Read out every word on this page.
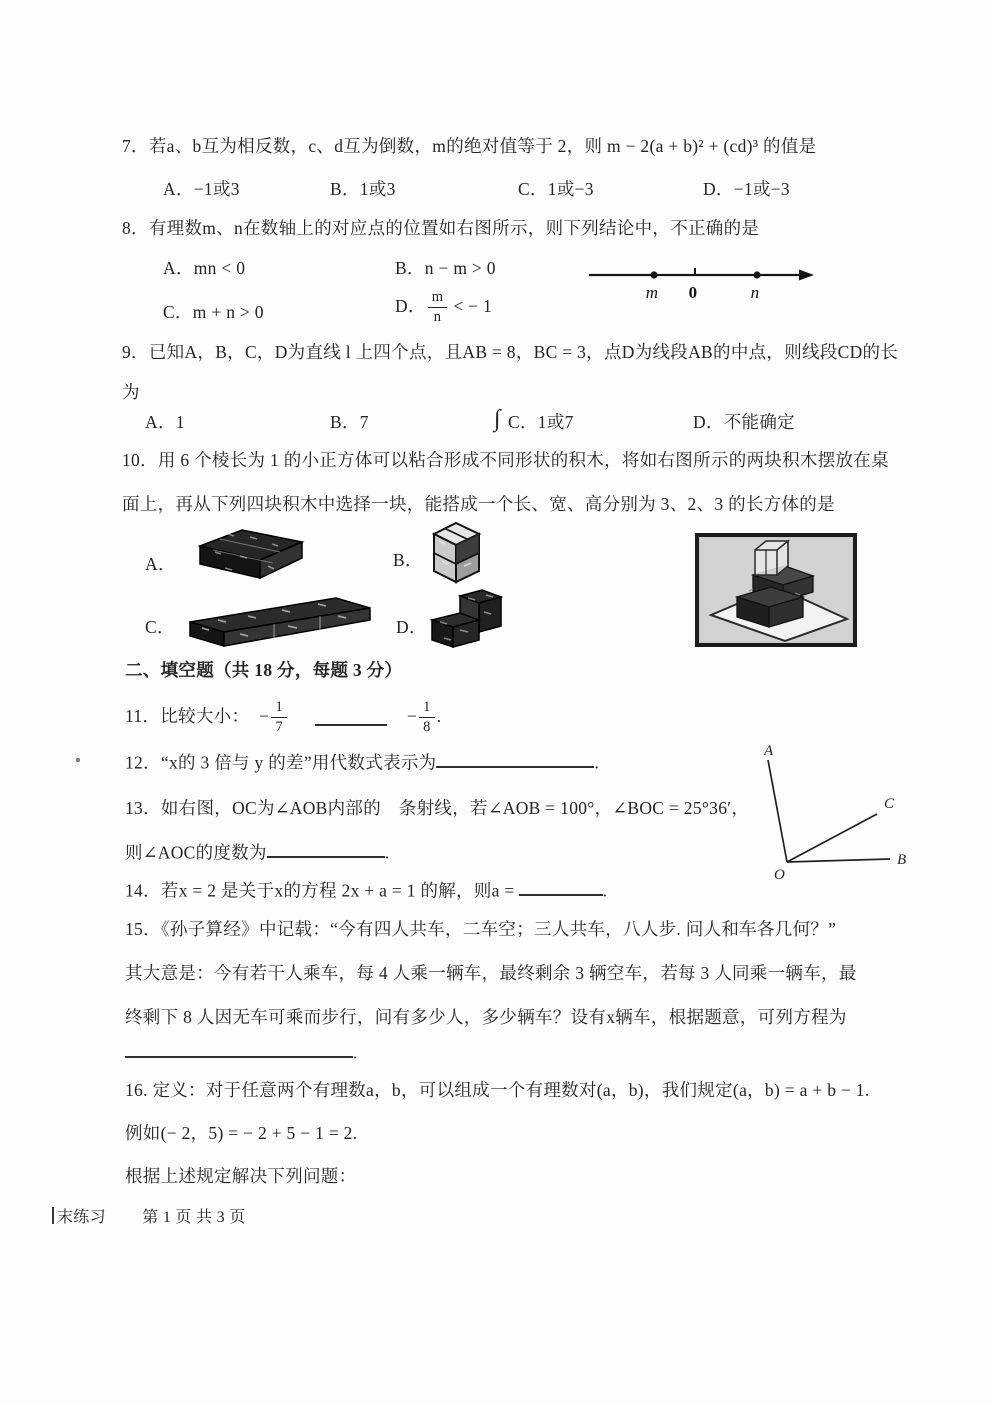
7．若a、b互为相反数，c、d互为倒数，m的绝对值等于 2，则 m − 2(a + b)² + (cd)³ 的值是
A．−1或3	B．1或3	C．1或−3	D．−1或−3
8．有理数m、n在数轴上的对应点的位置如右图所示，则下列结论中，不正确的是
A．mn < 0	B．n − m > 0
C．m + n > 0	D． $\frac{m}{n}$ < − 1
m 0	n
9．已知A，B，C，D为直线 l 上四个点，且AB = 8，BC = 3，点D为线段AB的中点，则线段CD的长
为
A．1	B．7	∫ C．1或7	D．不能确定
10．用 6 个棱长为 1 的小正方体可以粘合形成不同形状的积木，将如右图所示的两块积木摆放在桌
面上，再从下列四块积木中选择一块，能搭成一个长、宽、高分别为 3、2、3 的长方体的是
A．	B．
C．	D．
二、填空题（共 18 分，每题 3 分）
11．比较大小： − $\frac{1}{7}$	− $\frac{1}{8}$ .
12．“x的 3 倍与 y 的差”用代数式表示为	.
13．如右图，OC为∠AOB内部的　条射线，若∠AOB = 100°，∠BOC = 25°36′，
则∠AOC的度数为	.
A
C
B
O
14．若x = 2 是关于x的方程 2x + a = 1 的解，则a =	.
15．《孙子算经》中记载：“今有四人共车，二车空；三人共车，八人步. 问人和车各几何？”
其大意是：今有若干人乘车，每 4 人乘一辆车，最终剩余 3 辆空车，若每 3 人同乘一辆车，最
终剩下 8 人因无车可乘而步行，问有多少人，多少辆车？设有x辆车，根据题意，可列方程为
.
16. 定义：对于任意两个有理数a，b，可以组成一个有理数对(a，b)，我们规定(a，b) = a + b − 1.
例如(− 2，5) = − 2 + 5 − 1 = 2.
根据上述规定解决下列问题：
末练习 第 1 页 共 3 页
